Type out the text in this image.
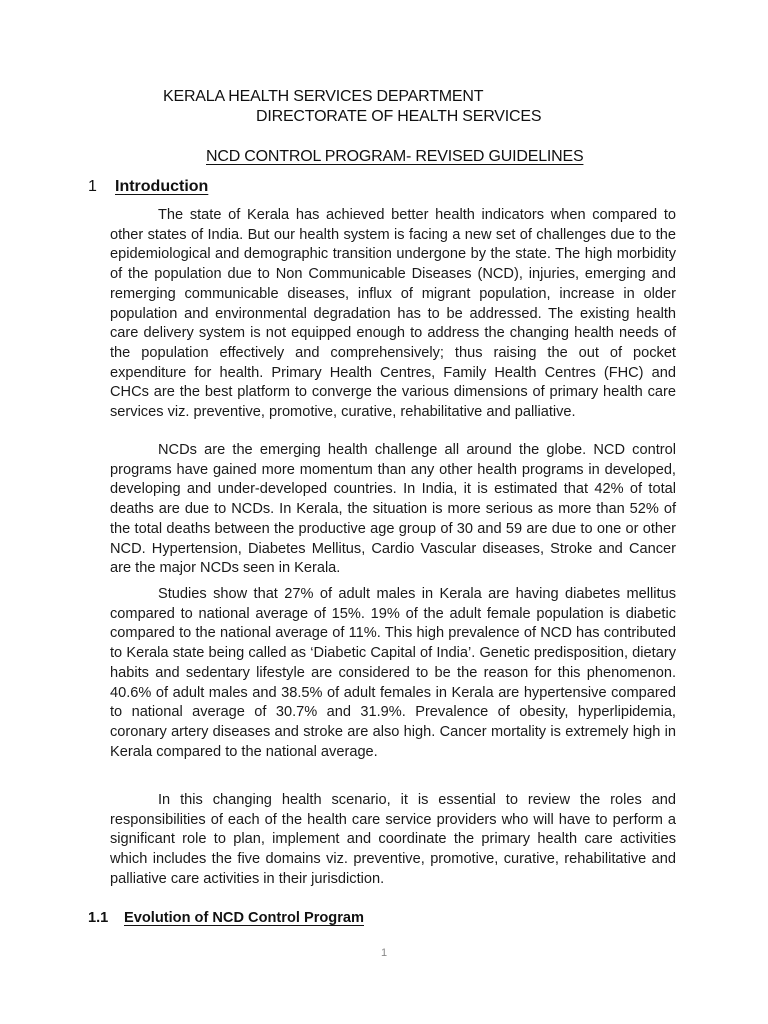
KERALA HEALTH SERVICES DEPARTMENT
DIRECTORATE OF HEALTH SERVICES
NCD CONTROL PROGRAM- REVISED GUIDELINES
1 Introduction

The state of Kerala has achieved better health indicators when compared to other states of India. But our health system is facing a new set of challenges due to the epidemiological and demographic transition undergone by the state. The high morbidity of the population due to Non Communicable Diseases (NCD), injuries, emerging and remerging communicable diseases, influx of migrant population, increase in older population and environmental degradation has to be addressed. The existing health care delivery system is not equipped enough to address the changing health needs of the population effectively and comprehensively; thus raising the out of pocket expenditure for health. Primary Health Centres, Family Health Centres (FHC) and CHCs are the best platform to converge the various dimensions of primary health care services viz. preventive, promotive, curative, rehabilitative and palliative.

NCDs are the emerging health challenge all around the globe. NCD control programs have gained more momentum than any other health programs in developed, developing and under-developed countries. In India, it is estimated that 42% of total deaths are due to NCDs. In Kerala, the situation is more serious as more than 52% of the total deaths between the productive age group of 30 and 59 are due to one or other NCD. Hypertension, Diabetes Mellitus, Cardio Vascular diseases, Stroke and Cancer are the major NCDs seen in Kerala.

Studies show that 27% of adult males in Kerala are having diabetes mellitus compared to national average of 15%. 19% of the adult female population is diabetic compared to the national average of 11%. This high prevalence of NCD has contributed to Kerala state being called as ‘Diabetic Capital of India’. Genetic predisposition, dietary habits and sedentary lifestyle are considered to be the reason for this phenomenon. 40.6% of adult males and 38.5% of adult females in Kerala are hypertensive compared to national average of 30.7% and 31.9%. Prevalence of obesity, hyperlipidemia, coronary artery diseases and stroke are also high. Cancer mortality is extremely high in Kerala compared to the national average.

In this changing health scenario, it is essential to review the roles and responsibilities of each of the health care service providers who will have to perform a significant role to plan, implement and coordinate the primary health care activities which includes the five domains viz. preventive, promotive, curative, rehabilitative and palliative care activities in their jurisdiction.

1.1 Evolution of NCD Control Program
1
